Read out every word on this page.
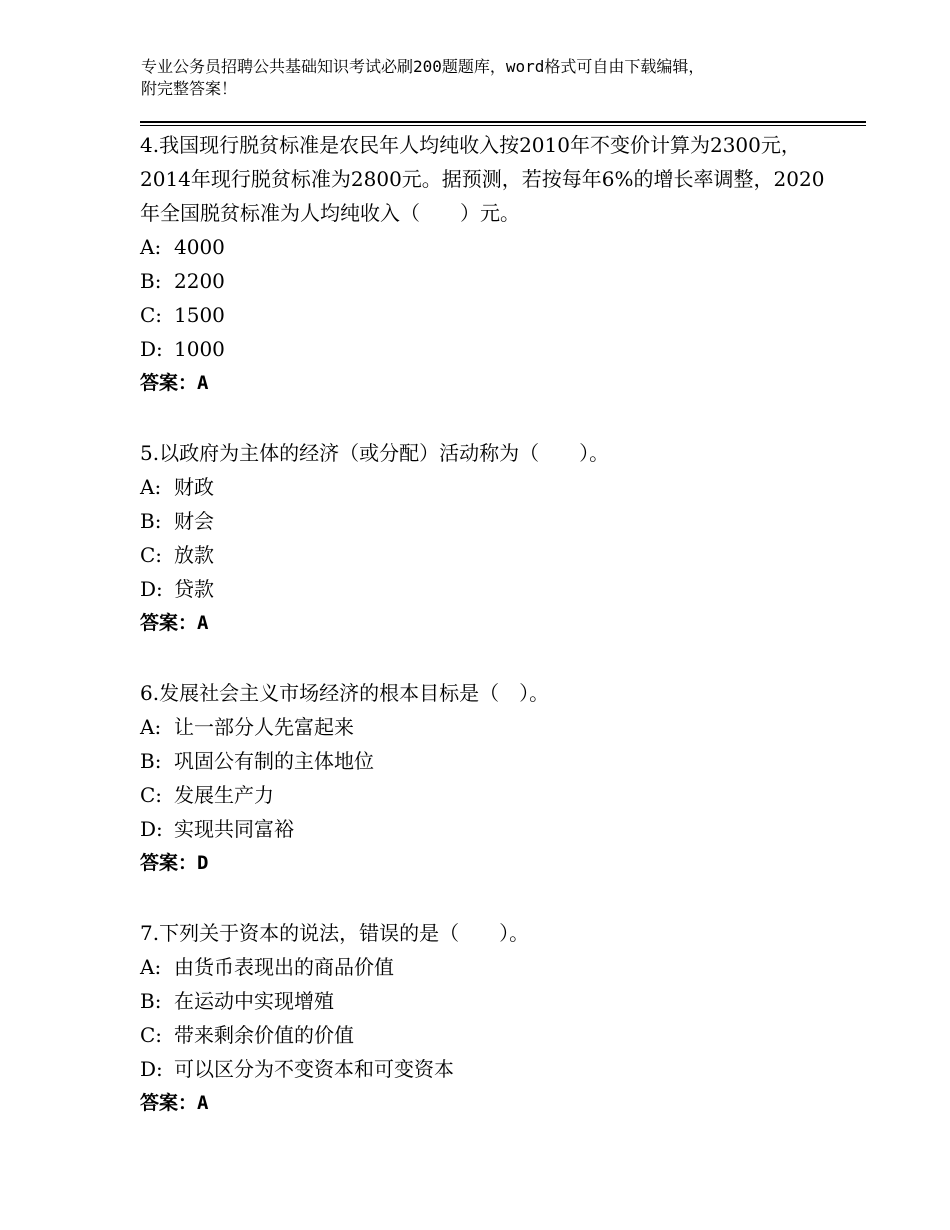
专业公务员招聘公共基础知识考试必刷200题题库，word格式可自由下载编辑，
附完整答案！

4.我国现行脱贫标准是农民年人均纯收入按2010年不变价计算为2300元，2014年现行脱贫标准为2800元。据预测，若按每年6%的增长率调整，2020年全国脱贫标准为人均纯收入（　　）元。

A: 4000
B: 2200
C: 1500
D: 1000
答案：A

5.以政府为主体的经济（或分配）活动称为（　　）。

A: 财政
B: 财会
C: 放款
D: 贷款
答案：A

6.发展社会主义市场经济的根本目标是（　）。

A: 让一部分人先富起来
B: 巩固公有制的主体地位
C: 发展生产力
D: 实现共同富裕
答案：D

7.下列关于资本的说法，错误的是（　　）。

A: 由货币表现出的商品价值
B: 在运动中实现增殖
C: 带来剩余价值的价值
D: 可以区分为不变资本和可变资本
答案：A
